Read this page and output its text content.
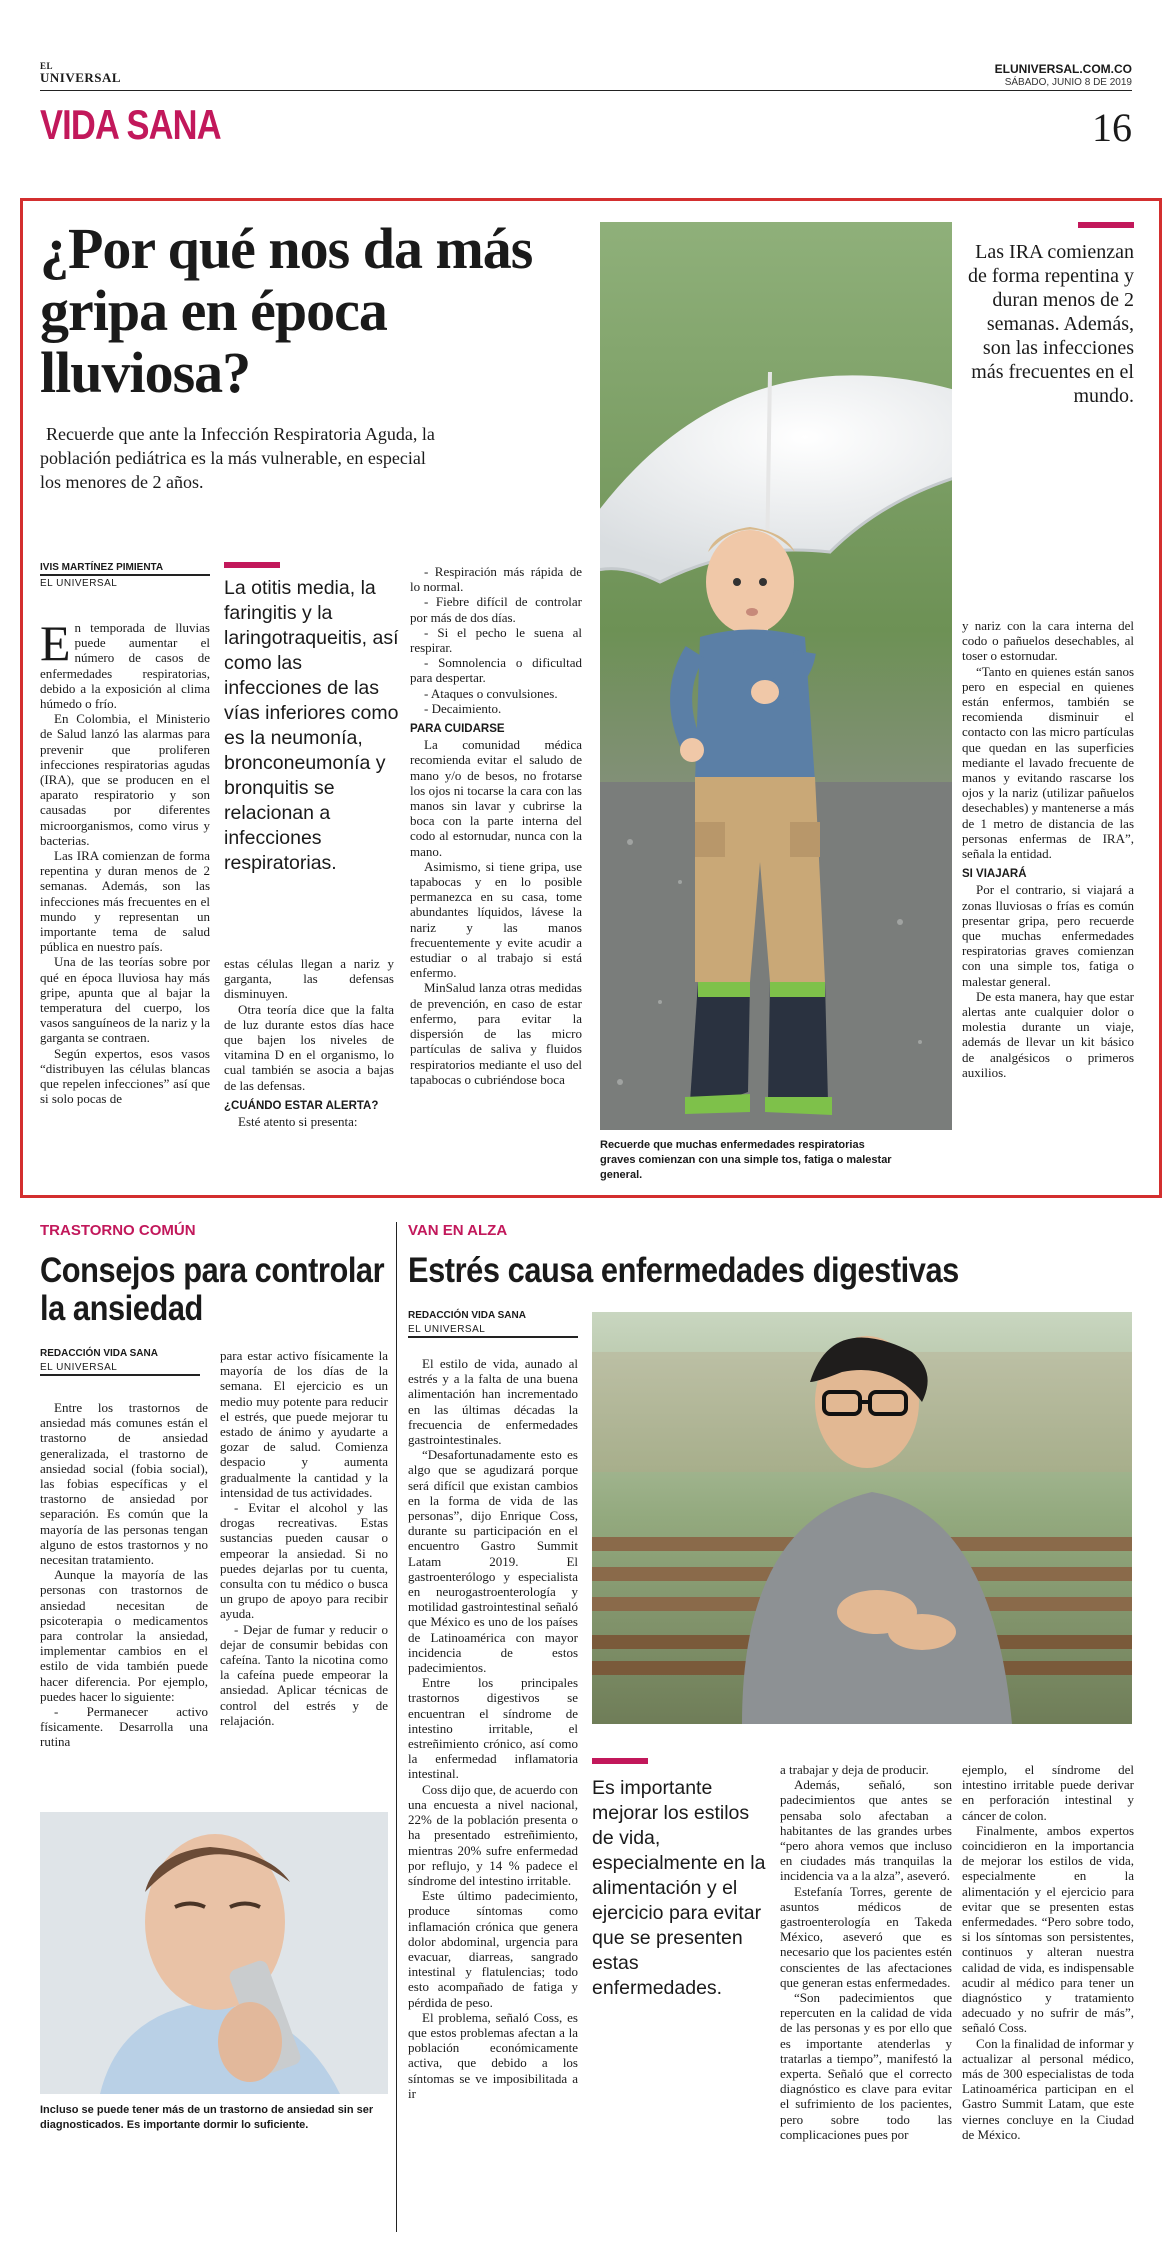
EL
UNIVERSAL
ELUNIVERSAL.COM.CO
SÁBADO, JUNIO 8 DE 2019
VIDA SANA	16
¿Por qué nos da más gripa en época lluviosa?
Recuerde que ante la Infección Respiratoria Aguda, la población pediátrica es la más vulnerable, en especial los menores de 2 años.
Recuerde que muchas enfermedades respiratorias graves comienzan con una simple tos, fatiga o malestar general.
Las IRA comienzan de forma repentina y duran menos de 2 semanas. Además, son las infecciones más frecuentes en el mundo.
IVIS MARTÍNEZ PIMIENTA
EL UNIVERSAL

En temporada de lluvias puede aumentar el número de casos de enfermedades respiratorias, debido a la exposición al clima húmedo o frío.

En Colombia, el Ministerio de Salud lanzó las alarmas para prevenir que proliferen infecciones respiratorias agudas (IRA), que se producen en el aparato respiratorio y son causadas por diferentes microorganismos, como virus y bacterias.

Las IRA comienzan de forma repentina y duran menos de 2 semanas. Además, son las infecciones más frecuentes en el mundo y representan un importante tema de salud pública en nuestro país.

Una de las teorías sobre por qué en época lluviosa hay más gripe, apunta que al bajar la temperatura del cuerpo, los vasos sanguíneos de la nariz y la garganta se contraen.

Según expertos, esos vasos “distribuyen las células blancas que repelen infecciones” así que si solo pocas de

La otitis media, la faringitis y la laringotraqueitis, así como las infecciones de las vías inferiores como es la neumonía, bronconeumonía y bronquitis se relacionan a infecciones respiratorias.

estas células llegan a nariz y garganta, las defensas disminuyen.

Otra teoría dice que la falta de luz durante estos días hace que bajen los niveles de vitamina D en el organismo, lo cual también se asocia a bajas de las defensas.

¿CUÁNDO ESTAR ALERTA?

Esté atento si presenta:

- Respiración más rápida de lo normal.

- Fiebre difícil de controlar por más de dos días.

- Si el pecho le suena al respirar.

- Somnolencia o dificultad para despertar.

- Ataques o convulsiones.

- Decaimiento.

PARA CUIDARSE

La comunidad médica recomienda evitar el saludo de mano y/o de besos, no frotarse los ojos ni tocarse la cara con las manos sin lavar y cubrirse la boca con la parte interna del codo al estornudar, nunca con la mano.

Asimismo, si tiene gripa, use tapabocas y en lo posible permanezca en su casa, tome abundantes líquidos, lávese la nariz y las manos frecuentemente y evite acudir a estudiar o al trabajo si está enfermo.

MinSalud lanza otras medidas de prevención, en caso de estar enfermo, para evitar la dispersión de las micro partículas de saliva y fluidos respiratorios mediante el uso del tapabocas o cubriéndose boca

y nariz con la cara interna del codo o pañuelos desechables, al toser o estornudar.

“Tanto en quienes están sanos pero en especial en quienes están enfermos, también se recomienda disminuir el contacto con las micro partículas que quedan en las superficies mediante el lavado frecuente de manos y evitando rascarse los ojos y la nariz (utilizar pañuelos desechables) y mantenerse a más de 1 metro de distancia de las personas enfermas de IRA”, señala la entidad.

SI VIAJARÁ

Por el contrario, si viajará a zonas lluviosas o frías es común presentar gripa, pero recuerde que muchas enfermedades respiratorias graves comienzan con una simple tos, fatiga o malestar general.

De esta manera, hay que estar alertas ante cualquier dolor o molestia durante un viaje, además de llevar un kit básico de analgésicos o primeros auxilios.

TRASTORNO COMÚN
Consejos para controlar la ansiedad
REDACCIÓN VIDA SANA
EL UNIVERSAL

Entre los trastornos de ansiedad más comunes están el trastorno de ansiedad generalizada, el trastorno de ansiedad social (fobia social), las fobias específicas y el trastorno de ansiedad por separación. Es común que la mayoría de las personas tengan alguno de estos trastornos y no necesitan tratamiento.

Aunque la mayoría de las personas con trastornos de ansiedad necesitan de psicoterapia o medicamentos para controlar la ansiedad, implementar cambios en el estilo de vida también puede hacer diferencia. Por ejemplo, puedes hacer lo siguiente:

- Permanecer activo físicamente. Desarrolla una rutina

para estar activo físicamente la mayoría de los días de la semana. El ejercicio es un medio muy potente para reducir el estrés, que puede mejorar tu estado de ánimo y ayudarte a gozar de salud. Comienza despacio y aumenta gradualmente la cantidad y la intensidad de tus actividades.

- Evitar el alcohol y las drogas recreativas. Estas sustancias pueden causar o empeorar la ansiedad. Si no puedes dejarlas por tu cuenta, consulta con tu médico o busca un grupo de apoyo para recibir ayuda.

- Dejar de fumar y reducir o dejar de consumir bebidas con cafeína. Tanto la nicotina como la cafeína puede empeorar la ansiedad. Aplicar técnicas de control del estrés y de relajación.

Incluso se puede tener más de un trastorno de ansiedad sin ser diagnosticados. Es importante dormir lo suficiente.
VAN EN ALZA
Estrés causa enfermedades digestivas
REDACCIÓN VIDA SANA
EL UNIVERSAL

El estilo de vida, aunado al estrés y a la falta de una buena alimentación han incrementado en las últimas décadas la frecuencia de enfermedades gastrointestinales.

“Desafortunadamente esto es algo que se agudizará porque será difícil que existan cambios en la forma de vida de las personas”, dijo Enrique Coss, durante su participación en el encuentro Gastro Summit Latam 2019. El gastroenterólogo y especialista en neurogastroenterología y motilidad gastrointestinal señaló que México es uno de los países de Latinoamérica con mayor incidencia de estos padecimientos.

Entre los principales trastornos digestivos se encuentran el síndrome de intestino irritable, el estreñimiento crónico, así como la enfermedad inflamatoria intestinal.

Coss dijo que, de acuerdo con una encuesta a nivel nacional, 22% de la población presenta o ha presentado estreñimiento, mientras 20% sufre enfermedad por reflujo, y 14 % padece el síndrome del intestino irritable.

Este último padecimiento, produce síntomas como inflamación crónica que genera dolor abdominal, urgencia para evacuar, diarreas, sangrado intestinal y flatulencias; todo esto acompañado de fatiga y pérdida de peso.

El problema, señaló Coss, es que estos problemas afectan a la población económicamente activa, que debido a los síntomas se ve imposibilitada a ir

Es importante mejorar los estilos de vida, especialmente en la alimentación y el ejercicio para evitar que se presenten estas enfermedades.

a trabajar y deja de producir.

Además, señaló, son padecimientos que antes se pensaba solo afectaban a habitantes de las grandes urbes “pero ahora vemos que incluso en ciudades más tranquilas la incidencia va a la alza”, aseveró.

Estefanía Torres, gerente de asuntos médicos de gastroenterología en Takeda México, aseveró que es necesario que los pacientes estén conscientes de las afectaciones que generan estas enfermedades.

“Son padecimientos que repercuten en la calidad de vida de las personas y es por ello que es importante atenderlas y tratarlas a tiempo”, manifestó la experta. Señaló que el correcto diagnóstico es clave para evitar el sufrimiento de los pacientes, pero sobre todo las complicaciones pues por

ejemplo, el síndrome del intestino irritable puede derivar en perforación intestinal y cáncer de colon.

Finalmente, ambos expertos coincidieron en la importancia de mejorar los estilos de vida, especialmente en la alimentación y el ejercicio para evitar que se presenten estas enfermedades. “Pero sobre todo, si los síntomas son persistentes, continuos y alteran nuestra calidad de vida, es indispensable acudir al médico para tener un diagnóstico y tratamiento adecuado y no sufrir de más”, señaló Coss.

Con la finalidad de informar y actualizar al personal médico, más de 300 especialistas de toda Latinoamérica participan en el Gastro Summit Latam, que este viernes concluye en la Ciudad de México.
